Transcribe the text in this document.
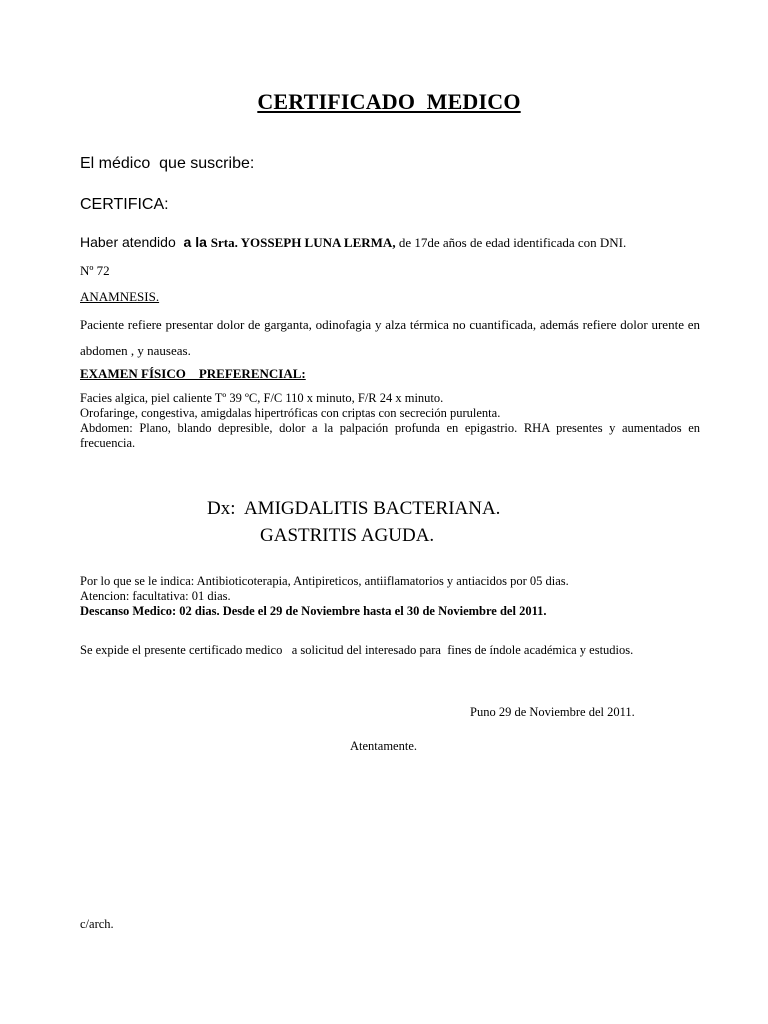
CERTIFICADO  MEDICO
El médico  que suscribe:
CERTIFICA:
Haber atendido  a la Srta. YOSSEPH LUNA LERMA, de 17de años de edad identificada con DNI.
Nº 72
ANAMNESIS.
Paciente refiere presentar dolor de garganta, odinofagia y alza térmica no cuantificada, además refiere dolor urente en abdomen , y nauseas.
EXAMEN FÍSICO _ PREFERENCIAL:
Facies algica, piel caliente Tº 39 ºC, F/C 110 x minuto, F/R 24 x minuto.
Orofaringe, congestiva, amigdalas hipertróficas con criptas con secreción purulenta.
Abdomen: Plano, blando depresible, dolor a la palpación profunda en epigastrio. RHA presentes y aumentados en frecuencia.
Dx:  AMIGDALITIS BACTERIANA.
GASTRITIS AGUDA.
Por lo que se le indica: Antibioticoterapia, Antipireticos, antiiflamatorios y antiacidos por 05 dias.
Atencion: facultativa: 01 dias.
Descanso Medico: 02 dias. Desde el 29 de Noviembre hasta el 30 de Noviembre del 2011.
Se expide el presente certificado medico   a solicitud del interesado para  fines de índole académica y estudios.
Puno 29 de Noviembre del 2011.
Atentamente.
c/arch.
